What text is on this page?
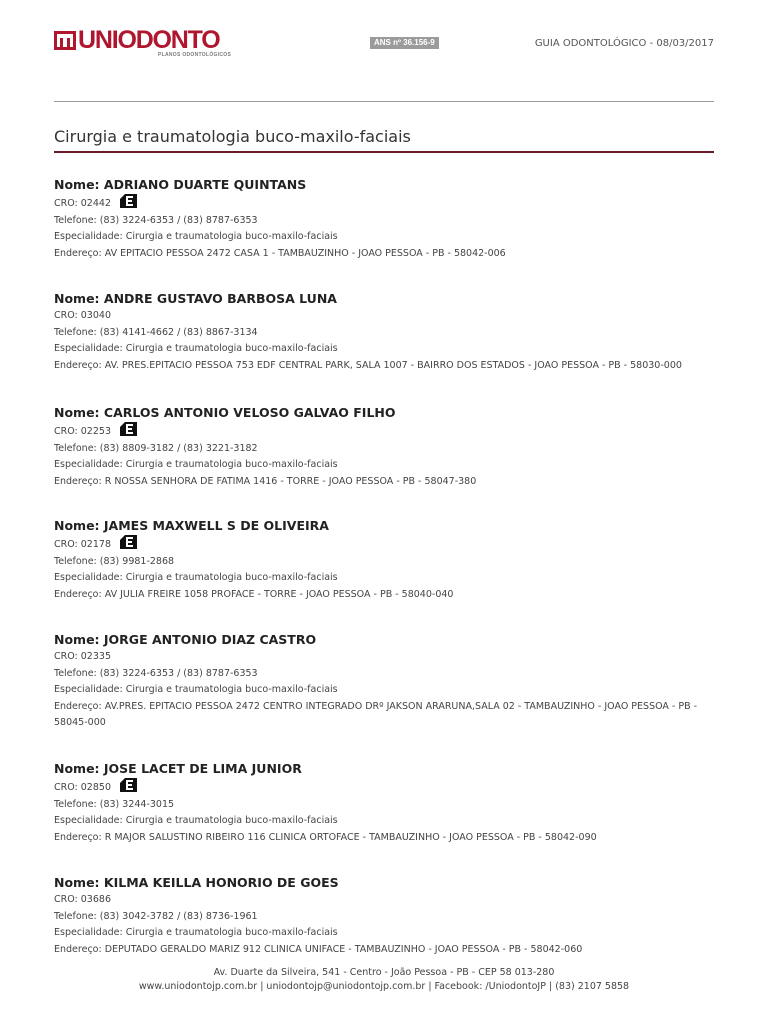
UNIODONTO
PLANOS ODONTOLÓGICOS
ANS nº 36.156-9	GUIA ODONTOLÓGICO - 08/03/2017
Cirurgia e traumatologia buco-maxilo-faciais
Nome: ADRIANO DUARTE QUINTANS
CRO: 02442
Telefone: (83) 3224-6353 / (83) 8787-6353
Especialidade: Cirurgia e traumatologia buco-maxilo-faciais
Endereço: AV EPITACIO PESSOA 2472 CASA 1 - TAMBAUZINHO - JOAO PESSOA - PB - 58042-006
Nome: ANDRE GUSTAVO BARBOSA LUNA
CRO: 03040
Telefone: (83) 4141-4662 / (83) 8867-3134
Especialidade: Cirurgia e traumatologia buco-maxilo-faciais
Endereço: AV. PRES.EPITACIO PESSOA 753 EDF CENTRAL PARK, SALA 1007 - BAIRRO DOS ESTADOS - JOAO PESSOA - PB - 58030-000
Nome: CARLOS ANTONIO VELOSO GALVAO FILHO
CRO: 02253
Telefone: (83) 8809-3182 / (83) 3221-3182
Especialidade: Cirurgia e traumatologia buco-maxilo-faciais
Endereço: R NOSSA SENHORA DE FATIMA 1416 - TORRE - JOAO PESSOA - PB - 58047-380
Nome: JAMES MAXWELL S DE OLIVEIRA
CRO: 02178
Telefone: (83) 9981-2868
Especialidade: Cirurgia e traumatologia buco-maxilo-faciais
Endereço: AV JULIA FREIRE 1058 PROFACE - TORRE - JOAO PESSOA - PB - 58040-040
Nome: JORGE ANTONIO DIAZ CASTRO
CRO: 02335
Telefone: (83) 3224-6353 / (83) 8787-6353
Especialidade: Cirurgia e traumatologia buco-maxilo-faciais
Endereço: AV.PRES. EPITACIO PESSOA 2472 CENTRO INTEGRADO DRº JAKSON ARARUNA,SALA 02 - TAMBAUZINHO - JOAO PESSOA - PB - 58045-000
Nome: JOSE LACET DE LIMA JUNIOR
CRO: 02850
Telefone: (83) 3244-3015
Especialidade: Cirurgia e traumatologia buco-maxilo-faciais
Endereço: R MAJOR SALUSTINO RIBEIRO 116 CLINICA ORTOFACE - TAMBAUZINHO - JOAO PESSOA - PB - 58042-090
Nome: KILMA KEILLA HONORIO DE GOES
CRO: 03686
Telefone: (83) 3042-3782 / (83) 8736-1961
Especialidade: Cirurgia e traumatologia buco-maxilo-faciais
Endereço: DEPUTADO GERALDO MARIZ 912 CLINICA UNIFACE - TAMBAUZINHO - JOAO PESSOA - PB - 58042-060
Av. Duarte da Silveira, 541 - Centro - João Pessoa - PB - CEP 58 013-280
www.uniodontojp.com.br | uniodontojp@uniodontojp.com.br | Facebook: /UniodontoJP | (83) 2107 5858
